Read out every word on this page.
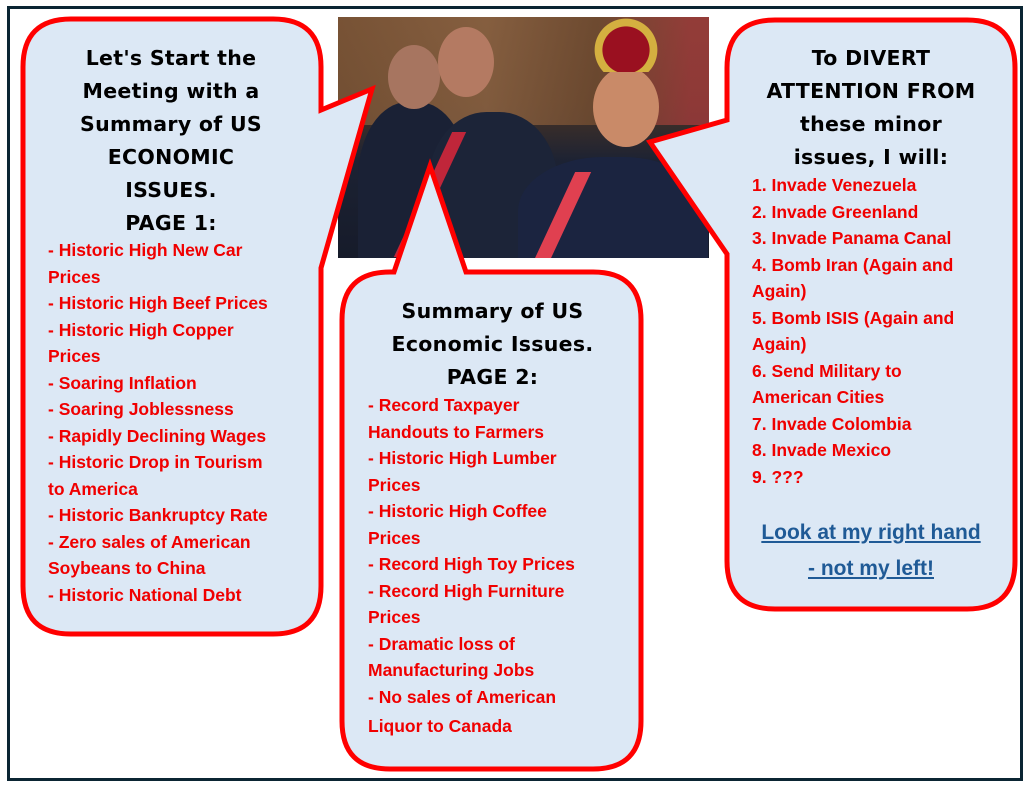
Let's Start the
Meeting with a
Summary of US
ECONOMIC
ISSUES.
PAGE 1:
- Historic High New Car
Prices
- Historic High Beef Prices
- Historic High Copper
Prices
- Soaring Inflation
- Soaring Joblessness
- Rapidly Declining Wages
- Historic Drop in Tourism
to America
- Historic Bankruptcy Rate
- Zero sales of American
Soybeans to China
- Historic National Debt
Summary of US
Economic Issues.
PAGE 2:
- Record Taxpayer
Handouts to Farmers
- Historic High Lumber
Prices
- Historic High Coffee
Prices
- Record High Toy Prices
- Record High Furniture
Prices
- Dramatic loss of
Manufacturing Jobs
- No sales of American
Liquor to Canada
To DIVERT
ATTENTION FROM
these minor
issues, I will:
1. Invade Venezuela
2. Invade Greenland
3. Invade Panama Canal
4. Bomb Iran (Again and
Again)
5. Bomb ISIS (Again and
Again)
6. Send Military to
American Cities
7. Invade Colombia
8. Invade Mexico
9. ???
Look at my right hand
- not my left!
